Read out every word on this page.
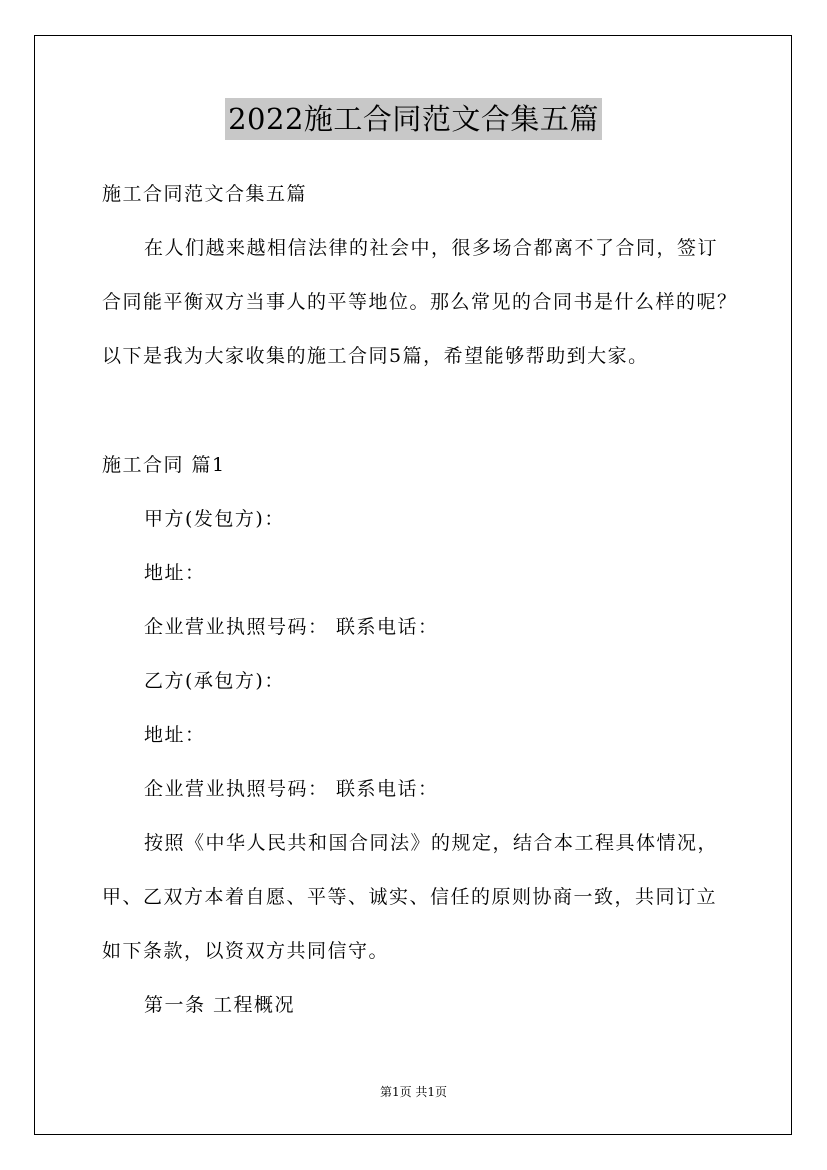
2022施工合同范文合集五篇
施工合同范文合集五篇
在人们越来越相信法律的社会中，很多场合都离不了合同，签订
合同能平衡双方当事人的平等地位。那么常见的合同书是什么样的呢？
以下是我为大家收集的施工合同5篇，希望能够帮助到大家。
施工合同 篇1
甲方(发包方)：
地址：
企业营业执照号码： 联系电话：
乙方(承包方)：
地址：
企业营业执照号码： 联系电话：
按照《中华人民共和国合同法》的规定，结合本工程具体情况，
甲、乙双方本着自愿、平等、诚实、信任的原则协商一致，共同订立
如下条款，以资双方共同信守。
第一条 工程概况
第1页 共1页
